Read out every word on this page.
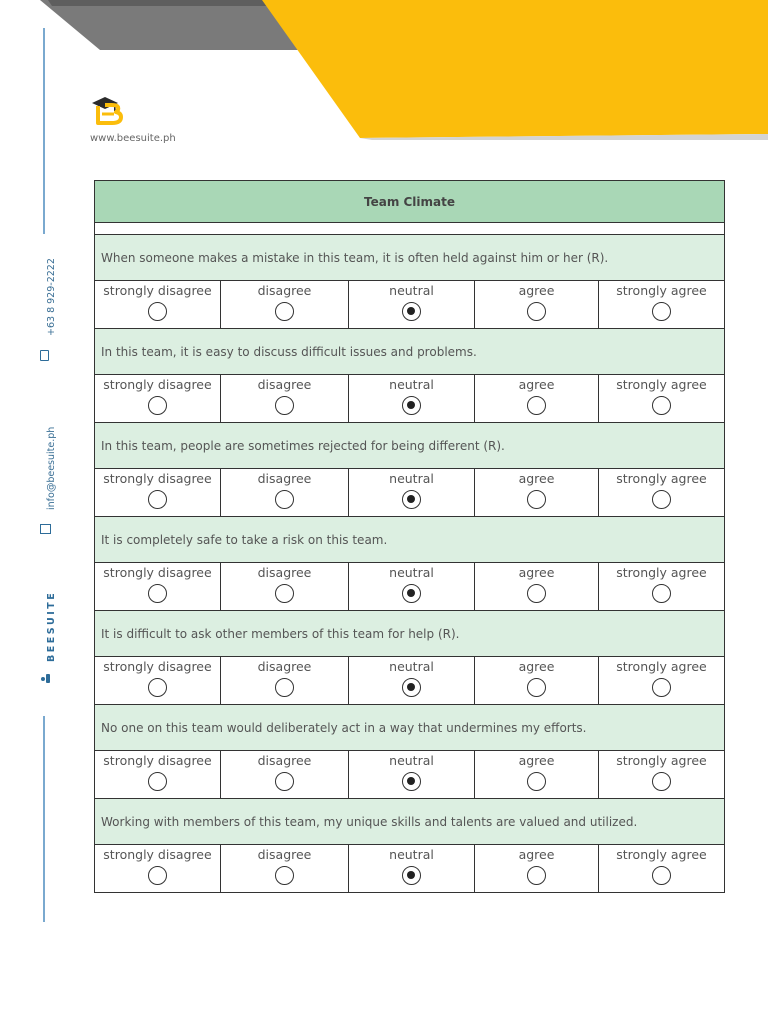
www.beesuite.ph
+63 8 929-2222
info@beesuite.ph
BEESUITE
Team Climate				

When someone makes a mistake in this team, it is often held against him or her (R).				

strongly disagree	disagree	neutral	agree	strongly agree

In this team, it is easy to discuss difficult issues and problems.				

strongly disagree	disagree	neutral	agree	strongly agree

In this team, people are sometimes rejected for being different (R).				

strongly disagree	disagree	neutral	agree	strongly agree

It is completely safe to take a risk on this team.				

strongly disagree	disagree	neutral	agree	strongly agree

It is difficult to ask other members of this team for help (R).				

strongly disagree	disagree	neutral	agree	strongly agree

No one on this team would deliberately act in a way that undermines my efforts.				

strongly disagree	disagree	neutral	agree	strongly agree

Working with members of this team, my unique skills and talents are valued and utilized.				

strongly disagree	disagree	neutral	agree	strongly agree
